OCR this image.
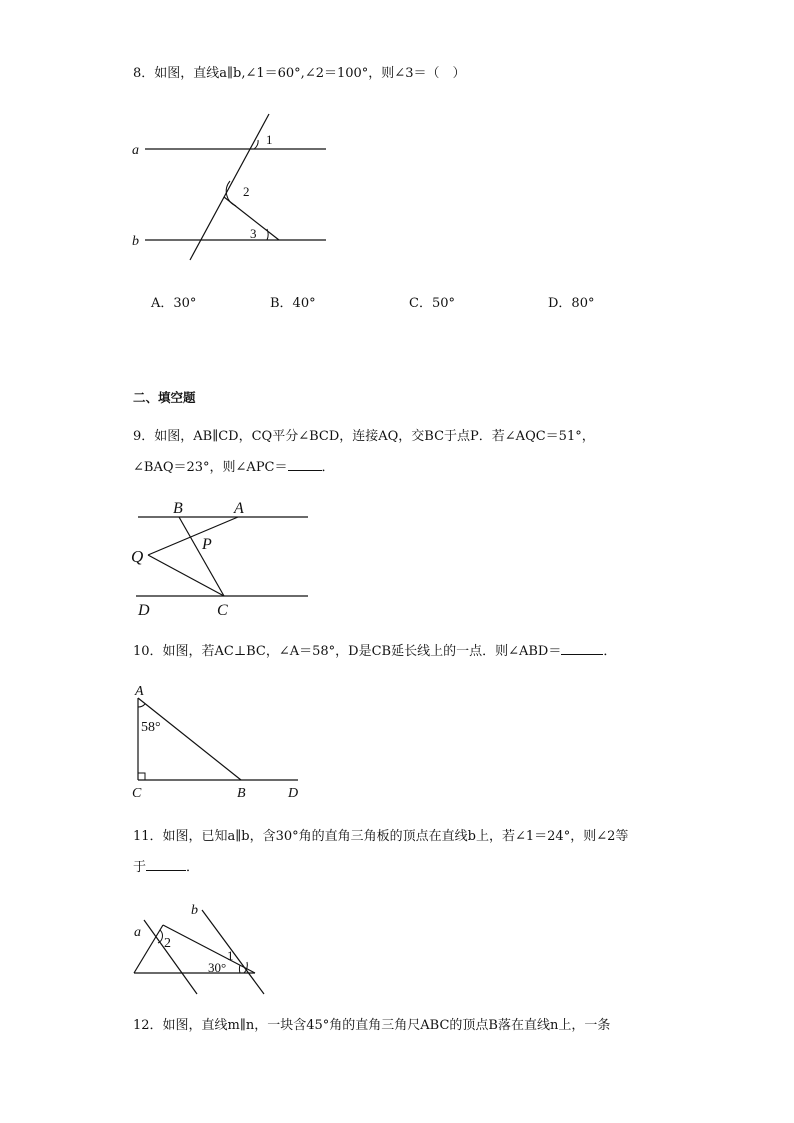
8．如图，直线a∥b,∠1＝60°,∠2＝100°，则∠3＝（　）
a
b
1
2
3
A．30°	B．40°	C．50°	D．80°
二、填空题
9．如图，AB∥CD，CQ平分∠BCD，连接AQ，交BC于点P．若∠AQC＝51°，
∠BAQ＝23°，则∠APC＝	．
B	A
P
Q
D	C
10．如图，若AC⊥BC，∠A＝58°，D是CB延长线上的一点．则∠ABD＝	．
A
58°
C	B	D
11．如图，已知a∥b，含30°角的直角三角板的顶点在直线b上，若∠1＝24°，则∠2等
于	．
a
b
2
1
30°
12．如图，直线m∥n，一块含45°角的直角三角尺ABC的顶点B落在直线n上，一条
